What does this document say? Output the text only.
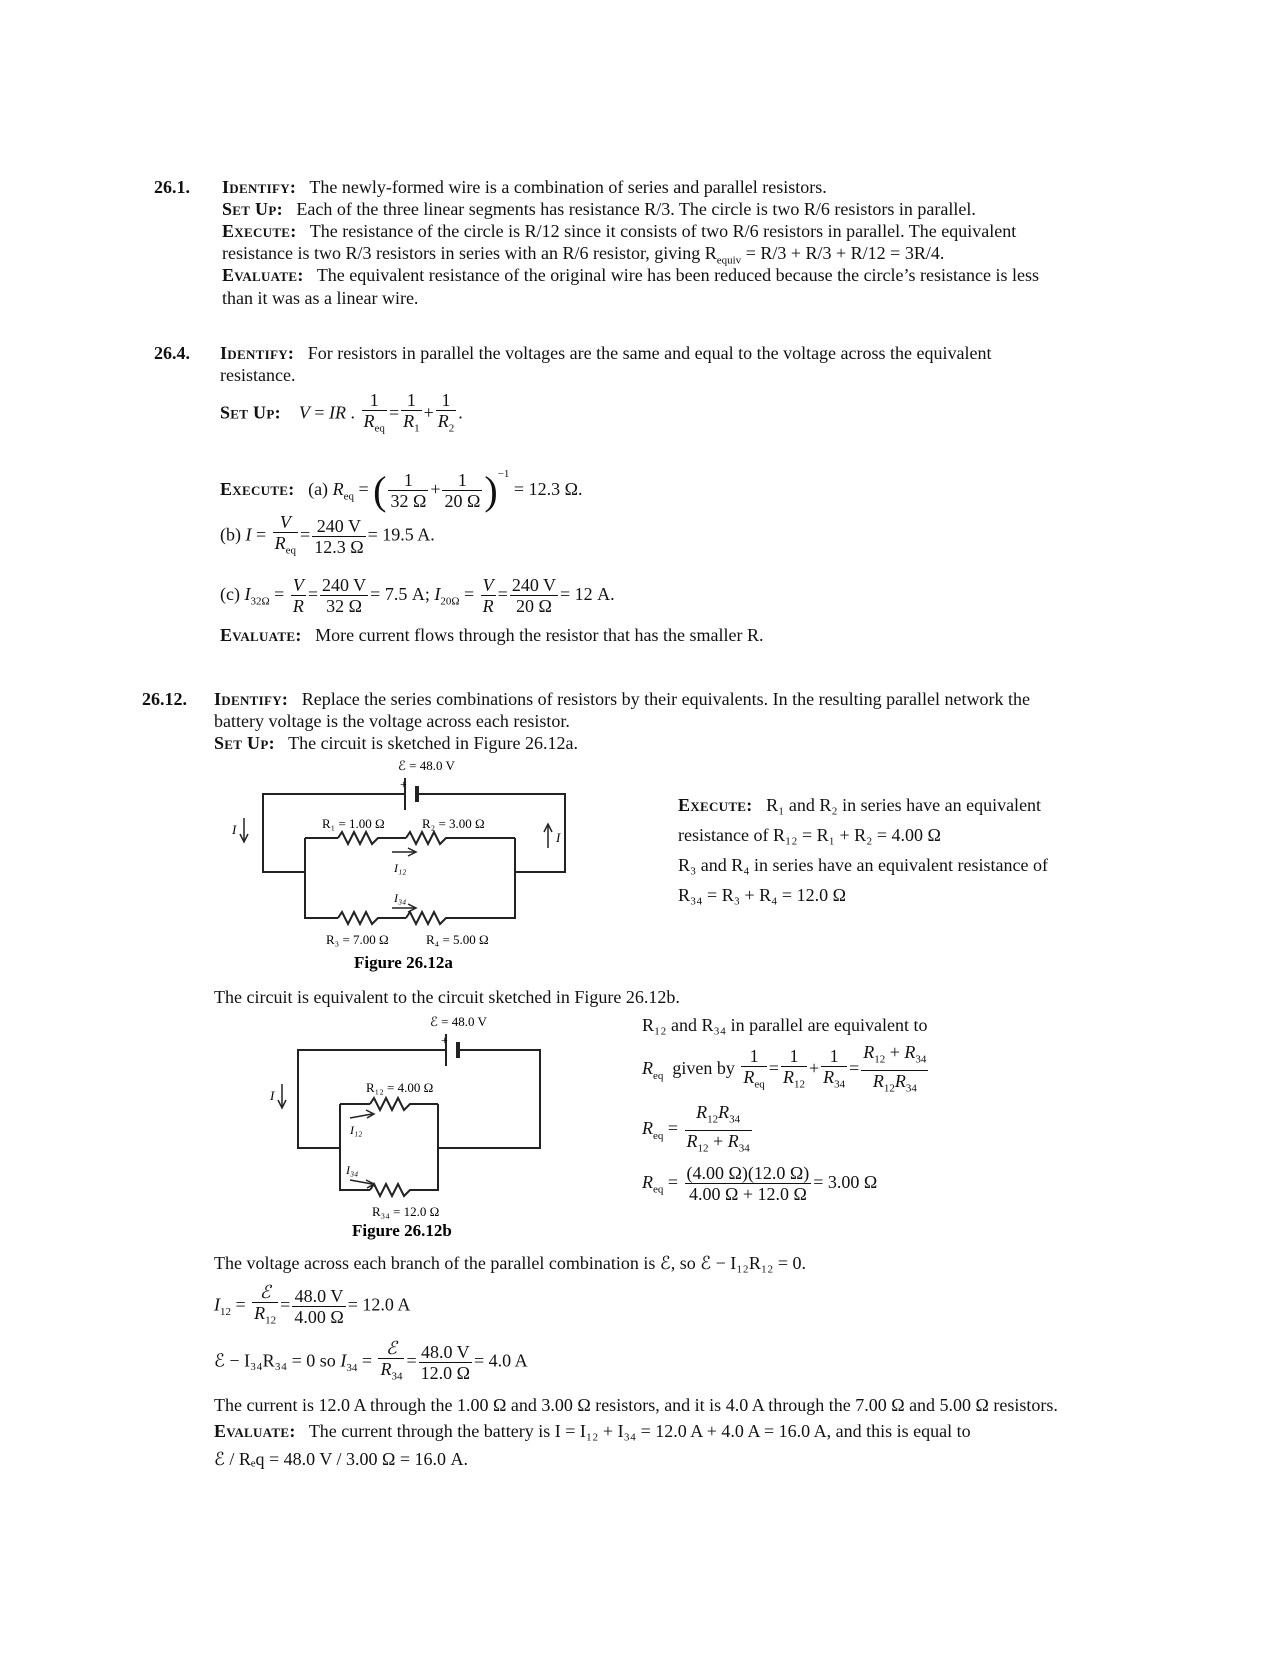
26.1. Identify: The newly-formed wire is a combination of series and parallel resistors.
Set Up: Each of the three linear segments has resistance R/3. The circle is two R/6 resistors in parallel.
Execute: The resistance of the circle is R/12 since it consists of two R/6 resistors in parallel. The equivalent
resistance is two R/3 resistors in series with an R/6 resistor, giving $R_{equiv} = R/3 + R/3 + R/12 = 3R/4$.
Evaluate: The equivalent resistance of the original wire has been reduced because the circle’s resistance is less
than it was as a linear wire.
26.4. Identify: For resistors in parallel the voltages are the same and equal to the voltage across the equivalent
resistance.
Set Up: V = IR . $\frac{1}{R_{eq}} = \frac{1}{R_1} + \frac{1}{R_2}$ .
Execute: (a) $R_{eq}$ = ( $\frac{1}{32 \Omega} + \frac{1}{20 \Omega} )^{-1} = 12.3$ Ω.
(b) $I = \frac{V}{R_{eq}} = \frac{240 V}{12.3 \Omega} = 19.5$ A.
(c) $I_{32\Omega} = \frac{V}{R} = \frac{240 V}{32 \Omega} = 7.5$ A; $I_{20\Omega} = \frac{V}{R} = \frac{240 V}{20 \Omega} = 12$ A.
Evaluate: More current flows through the resistor that has the smaller R.
26.12. Identify: Replace the series combinations of resistors by their equivalents. In the resulting parallel network the
battery voltage is the voltage across each resistor.
Set Up: The circuit is sketched in Figure 26.12a.
ℰ = 48.0 V
+
R₁ = 1.00 Ω	R₂ = 3.00 Ω
I₁₂
I₃₄
I
I
R₃ = 7.00 Ω	R₄ = 5.00 Ω
Figure 26.12a
Execute: R₁ and R₂ in series have an equivalent
resistance of R₁₂ = R₁ + R₂ = 4.00 Ω
R₃ and R₄ in series have an equivalent resistance of
R₃₄ = R₃ + R₄ = 12.0 Ω
The circuit is equivalent to the circuit sketched in Figure 26.12b.
ℰ = 48.0 V
+
R₁₂ = 4.00 Ω
I₁₂
I₃₄
I
R₃₄ = 12.0 Ω
Figure 26.12b
R₁₂ and R₃₄ in parallel are equivalent to
$R_{eq}$ given by $\frac{1}{R_{eq}} = \frac{1}{R_{12}} + \frac{1}{R_{34}} = \frac{R_{12} + R_{34}}{R_{12}R_{34}}$
$R_{eq} = \frac{R_{12}R_{34}}{R_{12} + R_{34}}$
$R_{eq} = \frac{(4.00 \Omega)(12.0 \Omega)}{4.00 \Omega + 12.0 \Omega} = 3.00$ Ω
The voltage across each branch of the parallel combination is ℰ, so ℰ − I₁₂R₁₂ = 0.
$I_{12} = \frac{\text{ℰ}}{R_{12}} = \frac{48.0 V}{4.00 \Omega} = 12.0$ A
ℰ − I₃₄R₃₄ = 0 so $I_{34} = \frac{\text{ℰ}}{R_{34}} = \frac{48.0 V}{12.0 \Omega} = 4.0$ A
The current is 12.0 A through the 1.00 Ω and 3.00 Ω resistors, and it is 4.0 A through the 7.00 Ω and 5.00 Ω resistors.
Evaluate: The current through the battery is I = I₁₂ + I₃₄ = 12.0 A + 4.0 A = 16.0 A, and this is equal to
ℰ / Rₑq = 48.0 V / 3.00 Ω = 16.0 A.
